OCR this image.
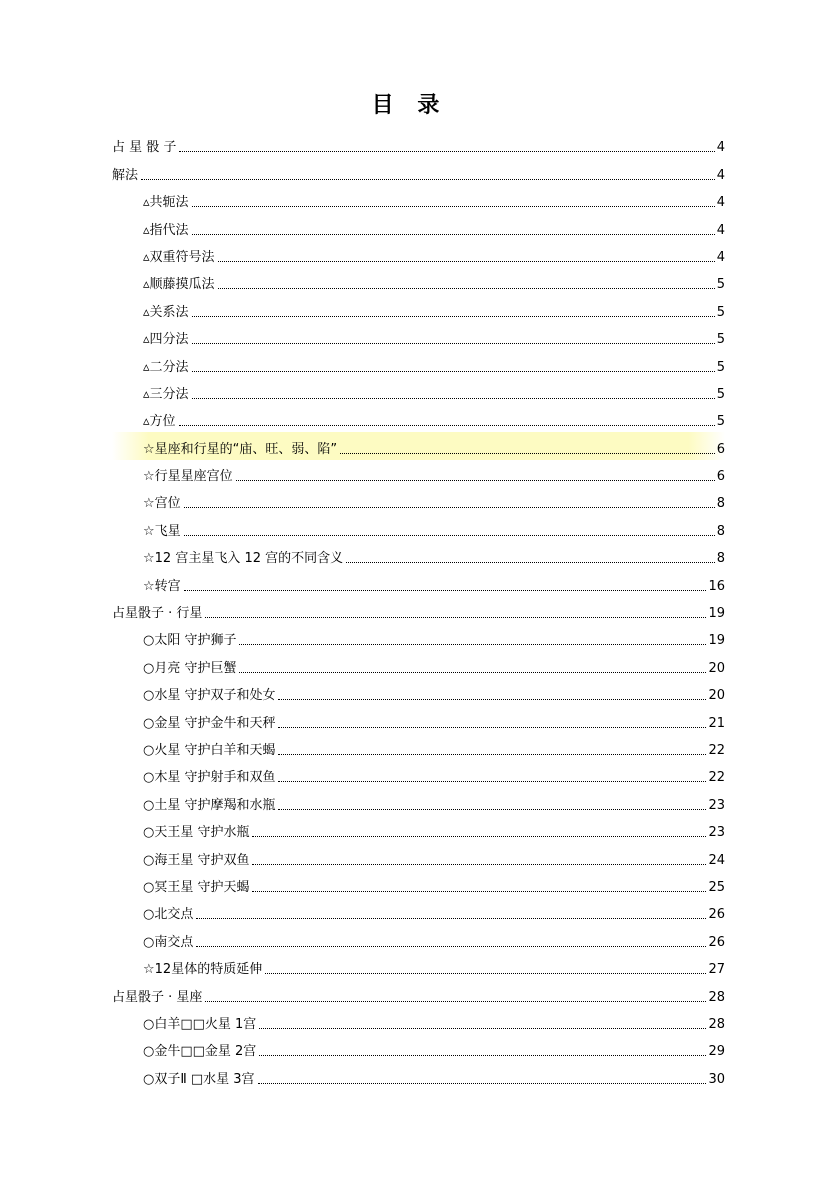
目 录
占 星 骰 子	4
解法	4
▵共轭法	4
▵指代法	4
▵双重符号法	4
▵顺藤摸瓜法	5
▵关系法	5
▵四分法	5
▵二分法	5
▵三分法	5
▵方位	5
☆星座和行星的“庙、旺、弱、陷”	6
☆行星星座宫位	6
☆宫位	8
☆飞星	8
☆12 宫主星飞入 12 宫的不同含义	8
☆转宫	16
占星骰子 · 行星	19
○太阳 守护狮子	19
○月亮 守护巨蟹	20
○水星 守护双子和处女	20
○金星 守护金牛和天秤	21
○火星 守护白羊和天蝎	22
○木星 守护射手和双鱼	22
○土星 守护摩羯和水瓶	23
○天王星 守护水瓶	23
○海王星 守护双鱼	24
○冥王星 守护天蝎	25
○北交点	26
○南交点	26
☆12星体的特质延伸	27
占星骰子 · 星座	28
○白羊□□火星 1宫	28
○金牛□□金星 2宫	29
○双子Ⅱ □水星 3宫	30
